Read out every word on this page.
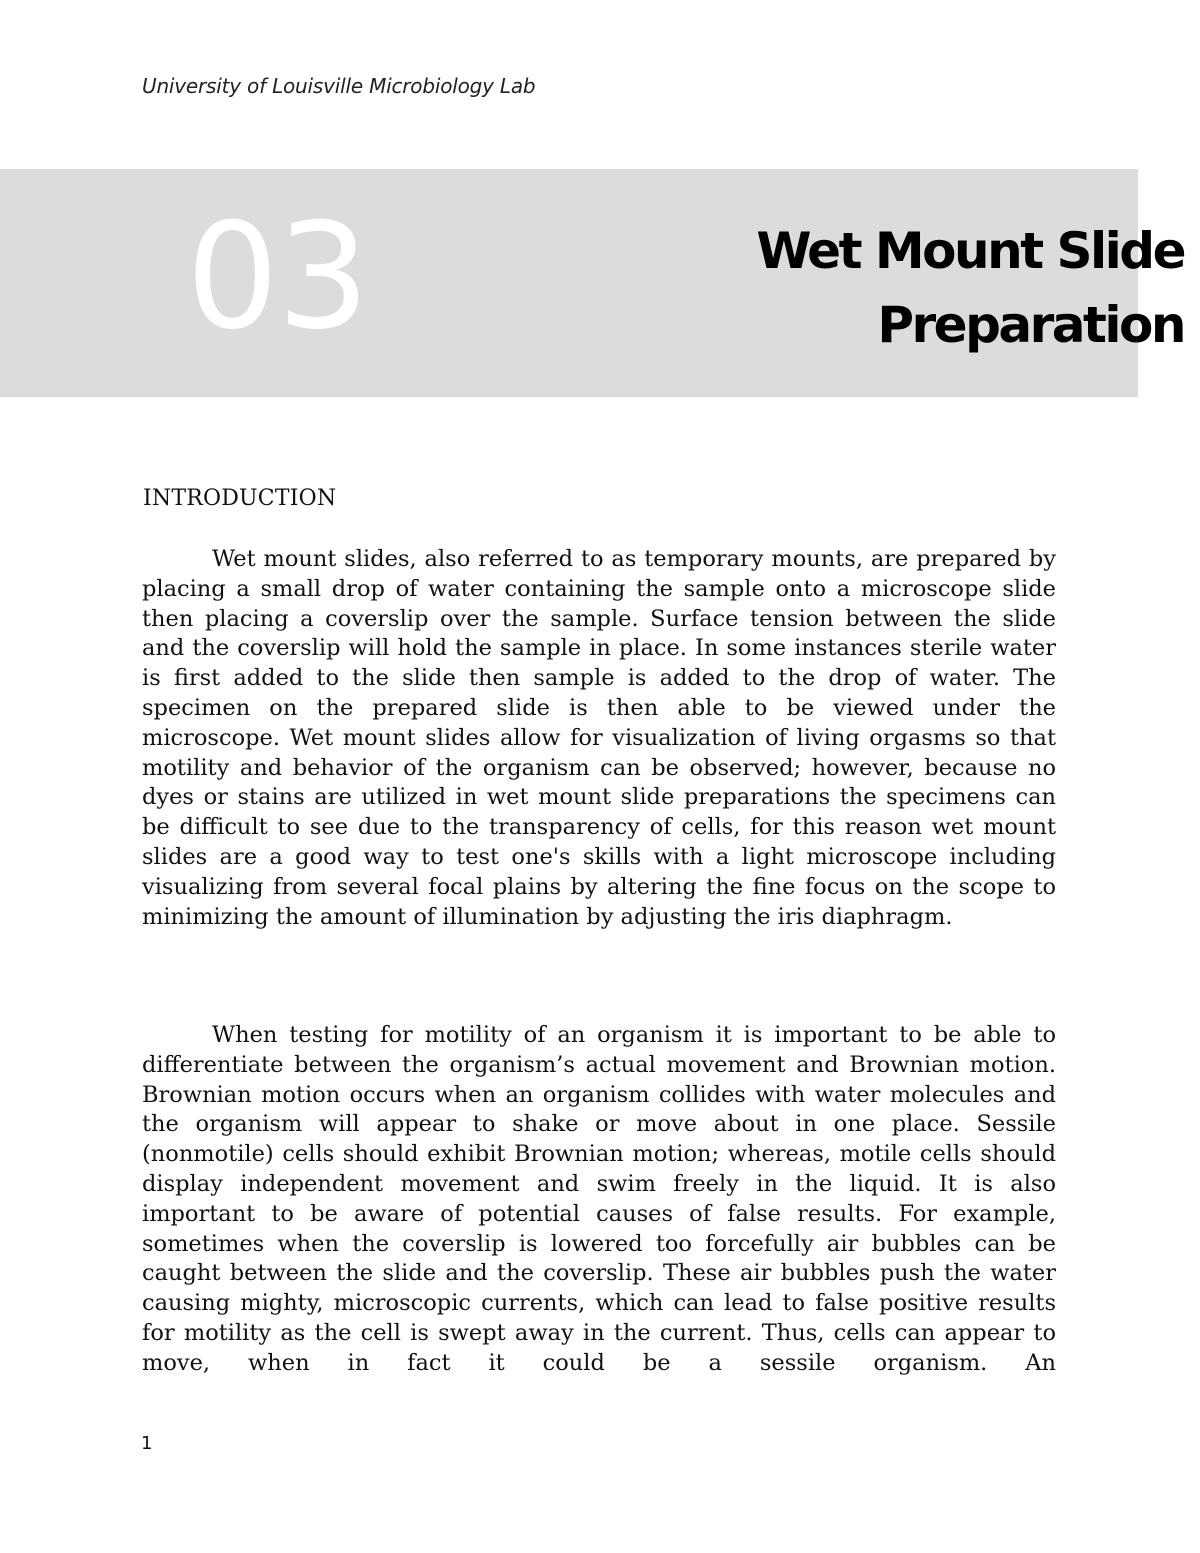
University of Louisville Microbiology Lab
03	Wet Mount Slide
Preparation
INTRODUCTION

Wet mount slides, also referred to as temporary mounts, are prepared by placing a small drop of water containing the sample onto a microscope slide then placing a coverslip over the sample. Surface tension between the slide and the coverslip will hold the sample in place. In some instances sterile water is first added to the slide then sample is added to the drop of water. The specimen on the prepared slide is then able to be viewed under the microscope. Wet mount slides allow for visualization of living orgasms so that motility and behavior of the organism can be observed; however, because no dyes or stains are utilized in wet mount slide preparations the specimens can be difficult to see due to the transparency of cells, for this reason wet mount slides are a good way to test one's skills with a light microscope including visualizing from several focal plains by altering the fine focus on the scope to minimizing the amount of illumination by adjusting the iris diaphragm.

When testing for motility of an organism it is important to be able to differentiate between the organism’s actual movement and Brownian motion. Brownian motion occurs when an organism collides with water molecules and the organism will appear to shake or move about in one place. Sessile (nonmotile) cells should exhibit Brownian motion; whereas, motile cells should display independent movement and swim freely in the liquid. It is also important to be aware of potential causes of false results. For example, sometimes when the coverslip is lowered too forcefully air bubbles can be caught between the slide and the coverslip. These air bubbles push the water causing mighty, microscopic currents, which can lead to false positive results for motility as the cell is swept away in the current. Thus, cells can appear to move, when in fact it could be a sessile organism. An

1
